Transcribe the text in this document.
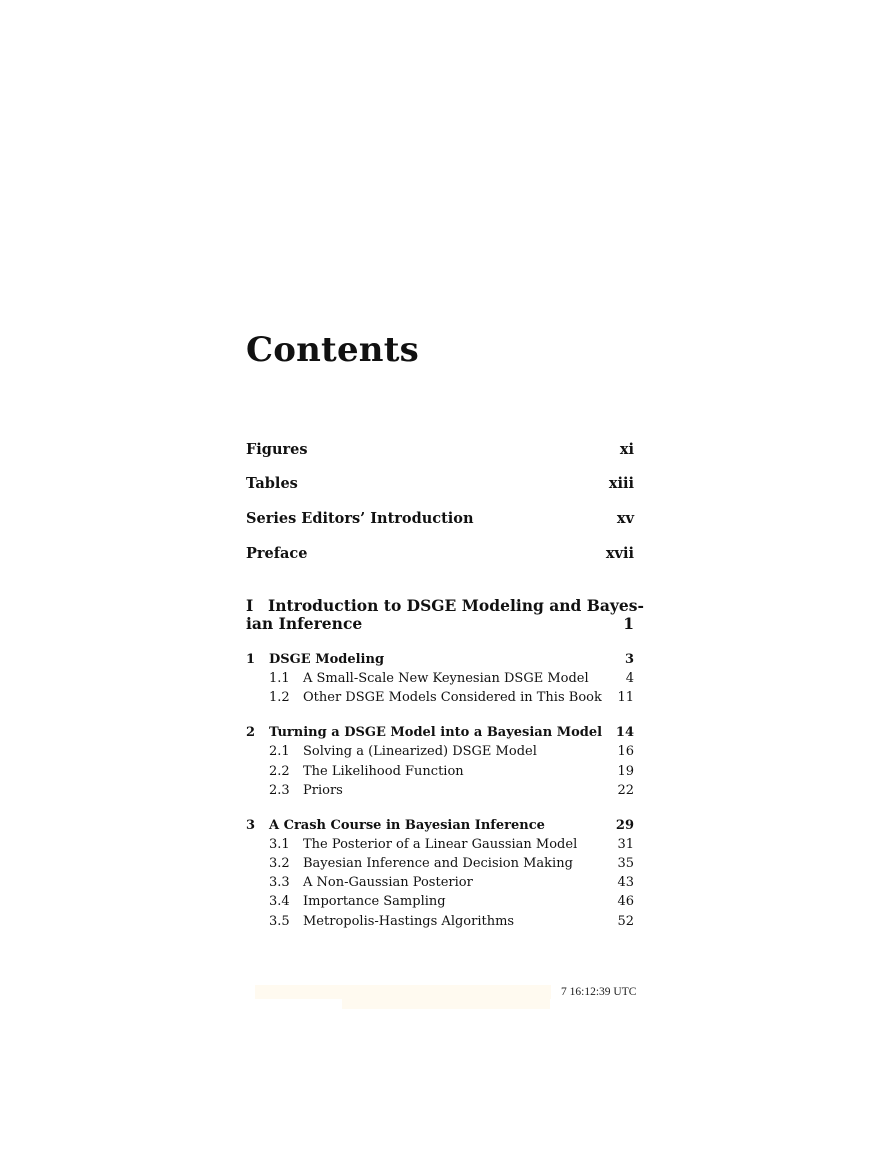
Contents
Figures	xi
Tables	xiii
Series Editors’ Introduction	xv
Preface	xvii
I Introduction to DSGE Modeling and Bayes-
ian Inference	1
1 DSGE Modeling	3
1.1 A Small-Scale New Keynesian DSGE Model	4
1.2 Other DSGE Models Considered in This Book 11
2 Turning a DSGE Model into a Bayesian Model 14
2.1 Solving a (Linearized) DSGE Model	16
2.2 The Likelihood Function	19
2.3 Priors	22
3 A Crash Course in Bayesian Inference	29
3.1 The Posterior of a Linear Gaussian Model	31
3.2 Bayesian Inference and Decision Making	35
3.3 A Non-Gaussian Posterior	43
3.4 Importance Sampling	46
3.5 Metropolis-Hastings Algorithms	52
7 16:12:39 UTC
